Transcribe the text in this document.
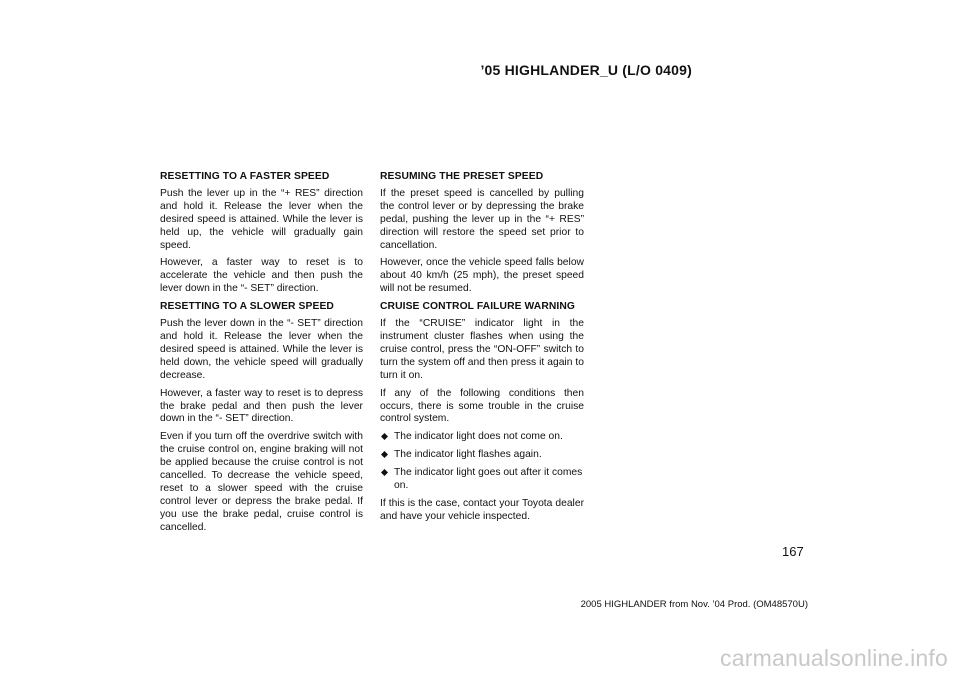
’05 HIGHLANDER_U (L/O 0409)
RESETTING TO A FASTER SPEED

Push the lever up in the “+ RES” direction and hold it. Release the lever when the desired speed is attained. While the lever is held up, the vehicle will gradually gain speed.

However, a faster way to reset is to accelerate the vehicle and then push the lever down in the “- SET” direction.

RESETTING TO A SLOWER SPEED

Push the lever down in the “- SET” direction and hold it. Release the lever when the desired speed is attained. While the lever is held down, the vehicle speed will gradually decrease.

However, a faster way to reset is to depress the brake pedal and then push the lever down in the “- SET” direction.

Even if you turn off the overdrive switch with the cruise control on, engine braking will not be applied because the cruise control is not cancelled. To decrease the vehicle speed, reset to a slower speed with the cruise control lever or depress the brake pedal. If you use the brake pedal, cruise control is cancelled.

RESUMING THE PRESET SPEED

If the preset speed is cancelled by pulling the control lever or by depressing the brake pedal, pushing the lever up in the “+ RES” direction will restore the speed set prior to cancellation.

However, once the vehicle speed falls below about 40 km/h (25 mph), the preset speed will not be resumed.

CRUISE CONTROL FAILURE WARNING

If the “CRUISE” indicator light in the instrument cluster flashes when using the cruise control, press the “ON-OFF” switch to turn the system off and then press it again to turn it on.

If any of the following conditions then occurs, there is some trouble in the cruise control system.

The indicator light does not come on.
The indicator light flashes again.
The indicator light goes out after it comes on.

If this is the case, contact your Toyota dealer and have your vehicle inspected.

167
2005 HIGHLANDER from Nov. ’04 Prod. (OM48570U)
carmanualsonline.info
